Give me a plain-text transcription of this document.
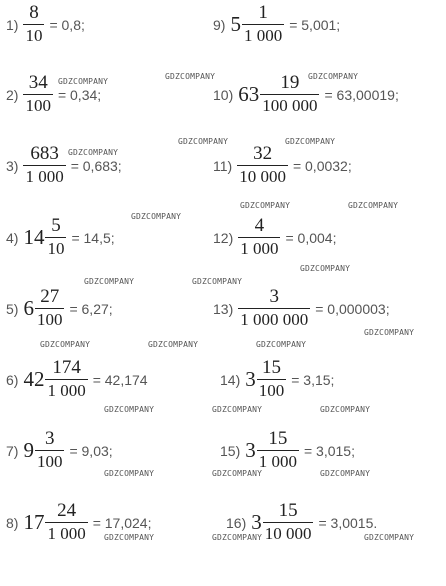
$1) \frac{8}{10} = 0,8$;
$2) \frac{34}{100} = 0,34$;
$3) \frac{683}{1 000} = 0,683$;
4) $14 \frac{5}{10} = 14,5$;
5) $6 \frac{27}{100} = 6,27$;
6) $42 \frac{174}{1 000} = 42,174$
7) $9 \frac{3}{100} = 9,03$;
8) $17 \frac{24}{1 000} = 17,024$;
9) $5 \frac{1}{1 000} = 5,001$;
10) $63 \frac{19}{100 000} = 63,00019$;
$11) \frac{32}{10 000} = 0,0032$;
$12) \frac{4}{1 000} = 0,004$;
$13) \frac{3}{1 000 000} = 0,000003$;
14) $3 \frac{15}{100} = 3,15$;
15) $3 \frac{15}{1 000} = 3,015$;
16) $3 \frac{15}{10 000} = 3,0015$.
GDZCOMPANY
GDZCOMPANY	GDZCOMPANY
GDZCOMPANY
GDZCOMPANY	GDZCOMPANY
GDZCOMPANY	GDZCOMPANY
GDZCOMPANY
GDZCOMPANY
GDZCOMPANY	GDZCOMPANY
GDZCOMPANY
GDZCOMPANY	GDZCOMPANY	GDZCOMPANY
GDZCOMPANY	GDZCOMPANY	GDZCOMPANY
GDZCOMPANY	GDZCOMPANY	GDZCOMPANY
GDZCOMPANY	GDZCOMPANY	GDZCOMPANY
